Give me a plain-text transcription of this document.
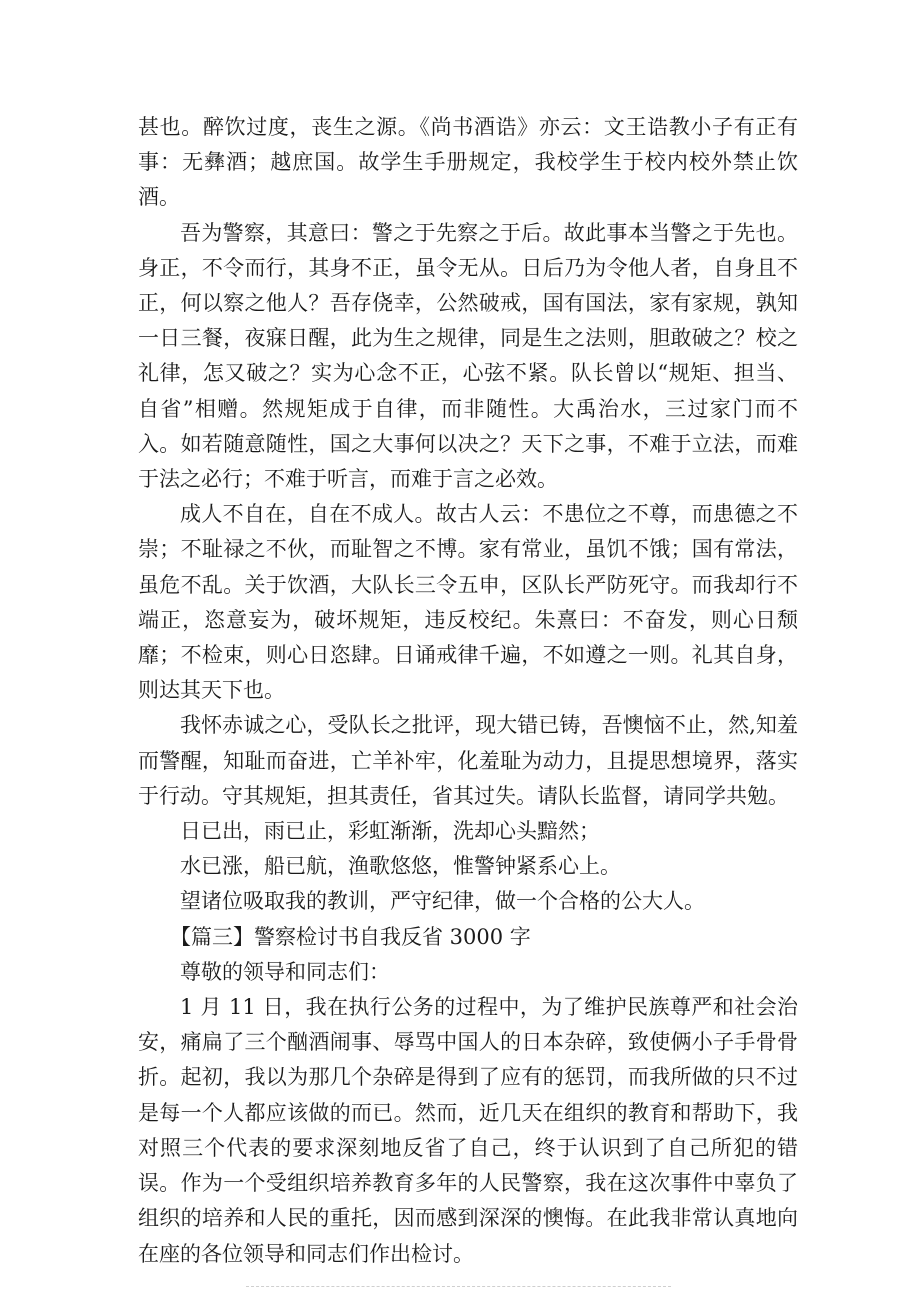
甚也。醉饮过度，丧生之源。《尚书酒诰》亦云：文王诰教小子有正有事：无彝酒；越庶国。故学生手册规定，我校学生于校内校外禁止饮酒。

吾为警察，其意曰：警之于先察之于后。故此事本当警之于先也。身正，不令而行，其身不正，虽令无从。日后乃为令他人者，自身且不正，何以察之他人？吾存侥幸，公然破戒，国有国法，家有家规，孰知一日三餐，夜寐日醒，此为生之规律，同是生之法则，胆敢破之？校之礼律，怎又破之？实为心念不正，心弦不紧。队长曾以“规矩、担当、自省”相赠。然规矩成于自律，而非随性。大禹治水，三过家门而不入。如若随意随性，国之大事何以决之？天下之事，不难于立法，而难于法之必行；不难于听言，而难于言之必效。

成人不自在，自在不成人。故古人云：不患位之不尊，而患德之不崇；不耻禄之不伙，而耻智之不博。家有常业，虽饥不饿；国有常法，虽危不乱。关于饮酒，大队长三令五申，区队长严防死守。而我却行不端正，恣意妄为，破坏规矩，违反校纪。朱熹曰：不奋发，则心日颓靡；不检束，则心日恣肆。日诵戒律千遍，不如遵之一则。礼其自身，则达其天下也。

我怀赤诚之心，受队长之批评，现大错已铸，吾懊恼不止，然,知羞而警醒，知耻而奋进，亡羊补牢，化羞耻为动力，且提思想境界，落实于行动。守其规矩，担其责任，省其过失。请队长监督，请同学共勉。

日已出，雨已止，彩虹渐渐，洗却心头黯然；

水已涨，船已航，渔歌悠悠，惟警钟紧系心上。

望诸位吸取我的教训，严守纪律，做一个合格的公大人。

【篇三】警察检讨书自我反省 3000 字

尊敬的领导和同志们：

1 月 11 日，我在执行公务的过程中，为了维护民族尊严和社会治安，痛扁了三个酗酒闹事、辱骂中国人的日本杂碎，致使俩小子手骨骨折。起初，我以为那几个杂碎是得到了应有的惩罚，而我所做的只不过是每一个人都应该做的而已。然而，近几天在组织的教育和帮助下，我对照三个代表的要求深刻地反省了自己，终于认识到了自己所犯的错误。作为一个受组织培养教育多年的人民警察，我在这次事件中辜负了组织的培养和人民的重托，因而感到深深的懊悔。在此我非常认真地向在座的各位领导和同志们作出检讨。
